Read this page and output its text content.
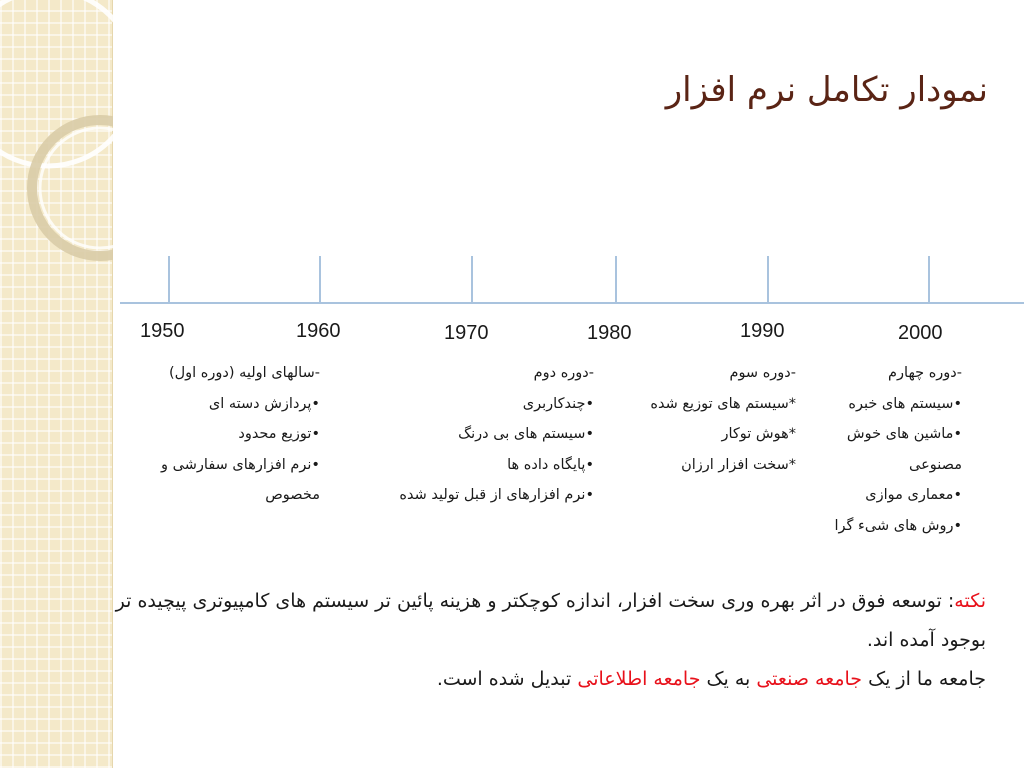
نمودار تکامل نرم افزار
1950	1960	1970	1980	1990	2000
-سالهای اولیه (دوره اول)
•پردازش دسته ای
•توزیع محدود
•نرم افزارهای سفارشی و
مخصوص
-دوره دوم
•چندکاربری
•سیستم های بی درنگ
•پایگاه داده ها
•نرم افزارهای از قبل تولید شده
-دوره سوم
*سیستم های توزیع شده
*هوش توکار
*سخت افزار ارزان
-دوره چهارم
•سیستم های خبره
•ماشین های خوش
مصنوعی
•معماری موازی
•روش های شیء گرا
نکته: توسعه فوق در اثر بهره وری سخت افزار، اندازه کوچکتر و هزینه پائین تر سیستم های کامپیوتری پیچیده تر بوجود آمده اند.
جامعه ما از یک جامعه صنعتی به یک جامعه اطلاعاتی تبدیل شده است.
